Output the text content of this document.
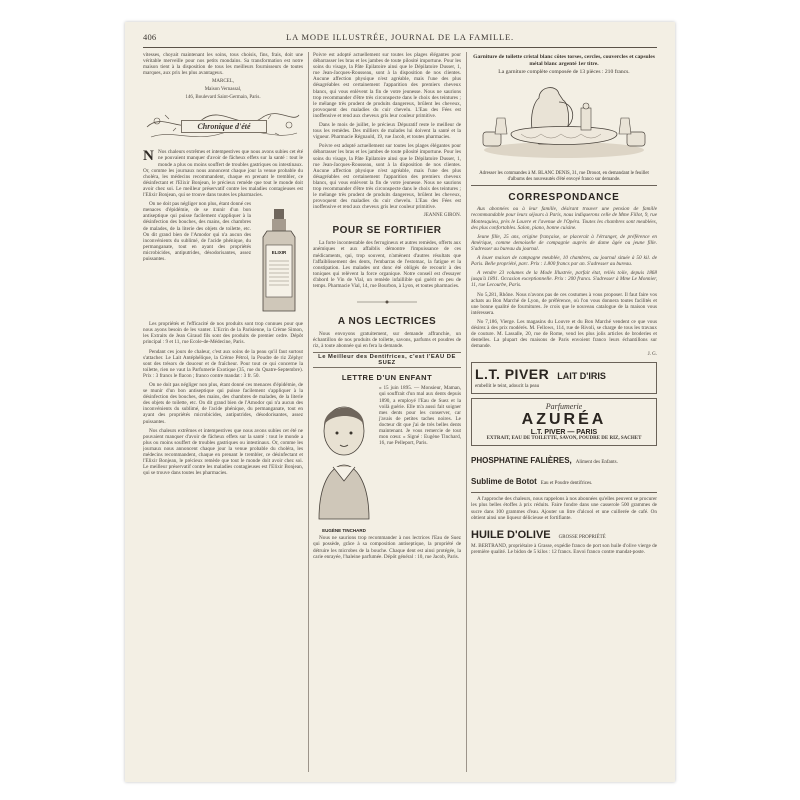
406	LA MODE ILLUSTRÉE, JOURNAL DE LA FAMILLE.

vitesses, choyait maintenant les soins, tous choisis, fins, frais, doit une véritable merveille pour nos petits mondains. Sa transformation est notre maison tient à la disposition de tous les meilleurs fournisseurs de toutes marques, aux prix les plus avantageux.

MARCEL,
Maison Vernassal,
146, Boulevard Saint-Germain, Paris.
Chronique d'été
N Nos chaleurs extrêmes et intempestives que nous avons subies cet été ne pouvaient manquer d'avoir de fâcheux effets sur la santé : tout le monde a plus ou moins souffert de troubles gastriques ou intestinaux. Or, comme les journaux nous annoncent chaque jour la venue probable du choléra, les médecins recommandent, chaque en prenant le trembler, ce désinfectant et l'Elixir Bonjean, le précieux remède que tout le monde doit avoir chez soi. Le meilleur préservatif contre les maladies contagieuses est l'Elixir Bonjean, qui se trouve dans toutes les pharmacies.

On ne doit pas négliger non plus, étant donné ces menaces d'épidémie, de se munir d'un bon antiseptique qui puisse facilement s'appliquer à la désinfection des bouches, des mains, des chambres de malades, de la literie des objets de toilette, etc. On dit grand bien de l'Amodor qui n'a aucun des inconvénients du sublimé, de l'acide phénique, du permanganate, tout en ayant des propriétés microbicides, antiputrides, désodorisantes, assez puissantes.

ELIXIR

Les propriétés et l'efficacité de nos produits sont trop connues pour que nous ayons besoin de les vanter. L'Ecrin de la Parisienne, la Crème Simon, les Extraits de Jean Giraud fils sont des produits de premier ordre. Dépôt principal : 9 et 11, rue Ecole-de-Médecine, Paris.

Pendant ces jours de chaleur, c'est aux soins de la peau qu'il faut surtout s'attacher. Le Lait Antéphélique, la Crème Pétrol, la Poudre de riz Zéphyr sont des trésors de douceur et de fraîcheur. Pour tout ce qui concerne la toilette, rien ne vaut la Parfumerie Exotique (35, rue du Quatre-Septembre). Prix : 3 francs le flacon ; franco contre mandat : 3 fr. 50.

On ne doit pas négliger non plus, étant donné ces menaces d'épidémie, de se munir d'un bon antiseptique qui puisse facilement s'appliquer à la désinfection des bouches, des mains, des chambres de malades, de la literie des objets de toilette, etc. On dit grand bien de l'Amodor qui n'a aucun des inconvénients du sublimé, de l'acide phénique, du permanganate, tout en ayant des propriétés microbicides, antiputrides, désodorisantes, assez puissantes.

Nos chaleurs extrêmes et intempestives que nous avons subies cet été ne pouvaient manquer d'avoir de fâcheux effets sur la santé : tout le monde a plus ou moins souffert de troubles gastriques ou intestinaux. Or, comme les journaux nous annoncent chaque jour la venue probable du choléra, les médecins recommandent, chaque en prenant le trembler, ce désinfectant et l'Elixir Bonjean, le précieux remède que tout le monde doit avoir chez soi. Le meilleur préservatif contre les maladies contagieuses est l'Elixir Bonjean, qui se trouve dans toutes les pharmacies.

Poivre est adopté actuellement sur toutes les plages élégantes pour débarrasser les bras et les jambes de toute pilosité importune. Pour les soins du visage, la Pâte Epilatoire ainsi que le Dépilatoire Dusser, 1, rue Jean-Jacques-Rousseau, sont à la disposition de nos clientes. Aucune affection physique n'est agréable, mais l'une des plus désagréables est certainement l'apparition des premiers cheveux blancs, qui vous enlèvent la fin de votre jeunesse. Nous ne saurions trop recommander d'être très circonspecte dans le choix des teintures ; le mélange très prudent de produits dangereux, brûlent les cheveux, provoquent des maladies du cuir chevelu. L'Eau des Fées est inoffensive et rend aux cheveux gris leur couleur primitive.

Dans le mois de juillet, le précieux Dépuratif reste le meilleur de tous les remèdes. Des milliers de malades lui doivent la santé et la vigueur. Pharmacie Régnauld, 19, rue Jacob, et toutes pharmacies.

Poivre est adopté actuellement sur toutes les plages élégantes pour débarrasser les bras et les jambes de toute pilosité importune. Pour les soins du visage, la Pâte Epilatoire ainsi que le Dépilatoire Dusser, 1, rue Jean-Jacques-Rousseau, sont à la disposition de nos clientes. Aucune affection physique n'est agréable, mais l'une des plus désagréables est certainement l'apparition des premiers cheveux blancs, qui vous enlèvent la fin de votre jeunesse. Nous ne saurions trop recommander d'être très circonspecte dans le choix des teintures ; le mélange très prudent de produits dangereux, brûlent les cheveux, provoquent des maladies du cuir chevelu. L'Eau des Fées est inoffensive et rend aux cheveux gris leur couleur primitive.

JEANNE GIRON.
POUR SE FORTIFIER

La forte incontestable des ferrugineux et autres remèdes, offerts aux anémiques et aux affaiblis démontre l'impuissance de ces médicaments, qui, trop souvent, n'amènent d'autres résultats que l'affaiblissement des dents, l'embarras de l'estomac, la fatigue et la constipation. Les malades ont donc été obligés de recourir à des toniques qui relèvent la force organique. Notre conseil est d'essayer d'abord le Vin de Vial, un remède infaillible qui guérit en peu de temps. Pharmacie Vial, 14, rue Bourbon, à Lyon, et toutes pharmacies.

A NOS LECTRICES

Nous envoyons gratuitement, sur demande affranchie, un échantillon de nos produits de toilette, savons, parfums et poudres de riz, à toute abonnée qui en fera la demande.

Le Meilleur des Dentifrices, c'est l'EAU DE SUEZ
LETTRE D'UN ENFANT
EUGÈNE TINCHARD

« 15 juin 1895. — Monsieur, Maman, qui souffrait d'un mal aux dents depuis 1890, a employé l'Eau de Suez et la voilà guérie. Elle m'a aussi fait soigner mes dents pour les conserver, car j'avais de petites taches noires. Le docteur dit que j'ai de très belles dents maintenant. Je vous remercie de tout mon cœur. » Signé : Eugène Tinchard, 16, rue Pelleport, Paris.

Nous ne saurions trop recommander à nos lectrices l'Eau de Suez qui possède, grâce à sa composition antiseptique, la propriété de détruire les microbes de la bouche. Chaque dent est ainsi protégée, la carie enrayée, l'haleine parfumée. Dépôt général : 10, rue Jacob, Paris.

Garniture de toilette cristal blanc côtes torses, cercles, couvercles et capsules métal blanc argenté 1er titre.
La garniture complète composée de 13 pièces : 210 francs.
Adresser les commandes à M. BLANC DENIS, 31, rue Drouot, en demandant le feuillet d'albums des nouveautés d'été envoyé franco sur demande.
CORRESPONDANCE

Aux abonnées ou à leur famille, désirant trouver une pension de famille recommandable pour leurs séjours à Paris, nous indiquerons celle de Mme Fillot, 9, rue Montesquieu, près le Louvre et l'avenue de l'Opéra. Toutes les chambres sont meublées, des plus confortables. Salon, piano, bonne cuisine.

Jeune fille, 25 ans, origine française, se placerait à l'étranger, de préférence en Amérique, comme demoiselle de compagnie auprès de dame âgée ou jeune fille. S'adresser au bureau du journal.

A louer maison de campagne meublée, 10 chambres, au journal située à 50 kil. de Paris. Belle propriété, parc. Prix : 1.800 francs par an. S'adresser au bureau.

A vendre 23 volumes de la Mode Illustrée, parfait état, reliés toile, depuis 1868 jusqu'à 1891. Occasion exceptionnelle. Prix : 200 francs. S'adresser à Mme Le Monnier, 11, rue Lecourbe, Paris.

No 5,281, Rhône. Nous n'avons pas de ces costumes à vous proposer. Il faut faire vos achats au Bon Marché de Lyon, de préférence, où l'on vous donnera toutes facilités et une bonne qualité de fournitures. Je crois que le nouveau catalogue de la maison vous intéressera.

No 7,186, Vierge. Les magasins du Louvre et du Bon Marché vendent ce que vous désirez à des prix modérés. M. Fellows, 114, rue de Rivoli, se charge de tous les travaux de couture. M. Lassalle, 20, rue de Rome, vend les plus jolis articles de broderies et dentelles. La plupart des maisons de Paris envoient franco leurs échantillons sur demande.

J. G.
L.T. PIVER LAIT D'IRIS
embellit le teint, adoucit la peau
Parfumerie
AZURÉA
L.T. PIVER — PARIS
EXTRAIT, EAU DE TOILETTE, SAVON, POUDRE DE RIZ, SACHET
PHOSPHATINE FALIÈRES, Aliment des Enfants.
Sublime de Botot Eau et Poudre dentifrices.

A l'approche des chaleurs, nous rappelons à nos abonnées qu'elles peuvent se procurer les plus belles étoffes à prix réduits. Faire fondre dans une casserole 500 grammes de sucre dans 100 grammes d'eau. Ajouter un litre d'alcool et une cuillerée de café. On obtient ainsi une liqueur délicieuse et fortifiante.

HUILE D'OLIVE GROSSE PROPRIÉTÉ

M. BERTRAND, propriétaire à Grasse, expédie franco de port son huile d'olive vierge de première qualité. Le bidon de 5 kilos : 12 francs. Envoi franco contre mandat-poste.
